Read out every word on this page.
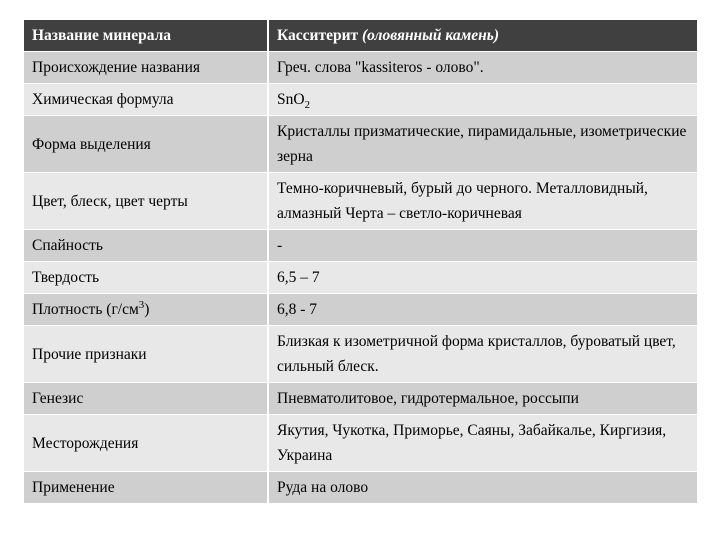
Название минерала	Касситерит (оловянный камень)
Происхождение названия	Греч. слова "kassiteros - олово".
Химическая формула	SnO$_2$
Форма выделения	Кристаллы призматические, пирамидальные, изометрические зерна
Цвет, блеск, цвет черты	Темно-коричневый, бурый до черного. Металловидный, алмазный Черта – светло-коричневая
Спайность	-
Твердость	6,5 – 7
Плотность $(г/см^3)$	6,8 - 7
Прочие признаки	Близкая к изометричной форма кристаллов, буроватый цвет, сильный блеск.
Генезис	Пневматолитовое, гидротермальное, россыпи
Месторождения	Якутия, Чукотка, Приморье, Саяны, Забайкалье, Киргизия, Украина
Применение	Руда на олово
